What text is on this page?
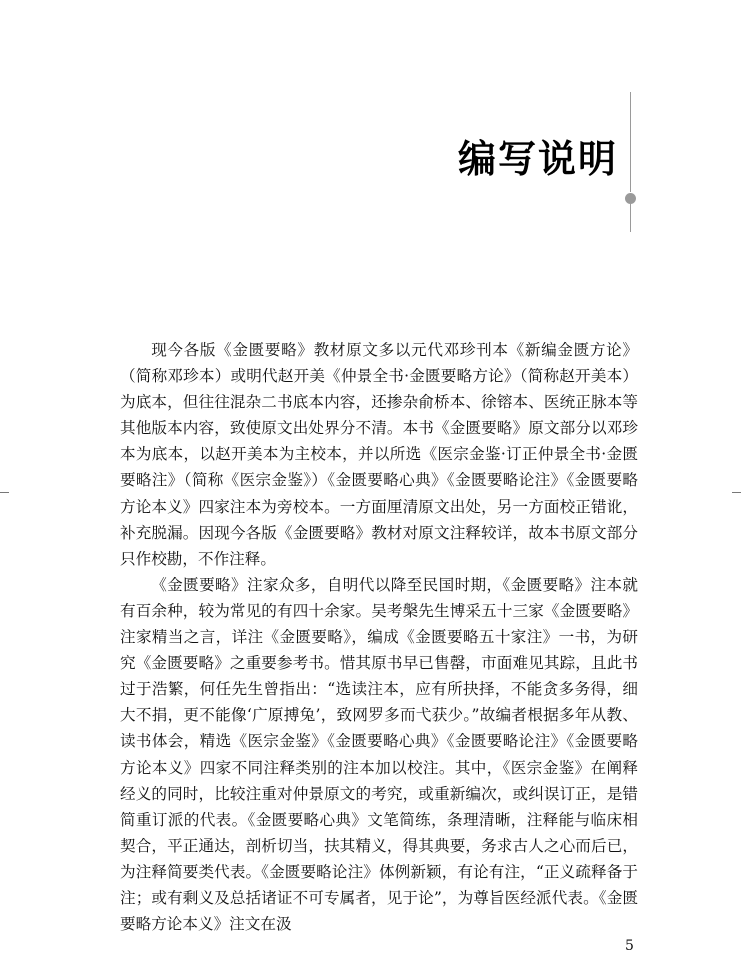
编写说明

现今各版《金匮要略》教材原文多以元代邓珍刊本《新编金匮方论》（简称邓珍本）或明代赵开美《仲景全书·金匮要略方论》（简称赵开美本）为底本，但往往混杂二书底本内容，还掺杂俞桥本、徐镕本、医统正脉本等其他版本内容，致使原文出处界分不清。本书《金匮要略》原文部分以邓珍本为底本，以赵开美本为主校本，并以所选《医宗金鉴·订正仲景全书·金匮要略注》（简称《医宗金鉴》）《金匮要略心典》《金匮要略论注》《金匮要略方论本义》四家注本为旁校本。一方面厘清原文出处，另一方面校正错讹，补充脱漏。因现今各版《金匮要略》教材对原文注释较详，故本书原文部分只作校勘，不作注释。

《金匮要略》注家众多，自明代以降至民国时期，《金匮要略》注本就有百余种，较为常见的有四十余家。吴考槃先生博采五十三家《金匮要略》注家精当之言，详注《金匮要略》，编成《金匮要略五十家注》一书，为研究《金匮要略》之重要参考书。惜其原书早已售罄，市面难见其踪，且此书过于浩繁，何任先生曾指出：“选读注本，应有所抉择，不能贪多务得，细大不捐，更不能像‘广原搏兔’，致网罗多而弋获少。”故编者根据多年从教、读书体会，精选《医宗金鉴》《金匮要略心典》《金匮要略论注》《金匮要略方论本义》四家不同注释类别的注本加以校注。其中，《医宗金鉴》在阐释经义的同时，比较注重对仲景原文的考究，或重新编次，或纠误订正，是错简重订派的代表。《金匮要略心典》文笔简练，条理清晰，注释能与临床相契合，平正通达，剖析切当，扶其精义，得其典要，务求古人之心而后已，为注释简要类代表。《金匮要略论注》体例新颖，有论有注，“正义疏释备于注；或有剩义及总括诸证不可专属者，见于论”，为尊旨医经派代表。《金匮要略方论本义》注文在汲

5
